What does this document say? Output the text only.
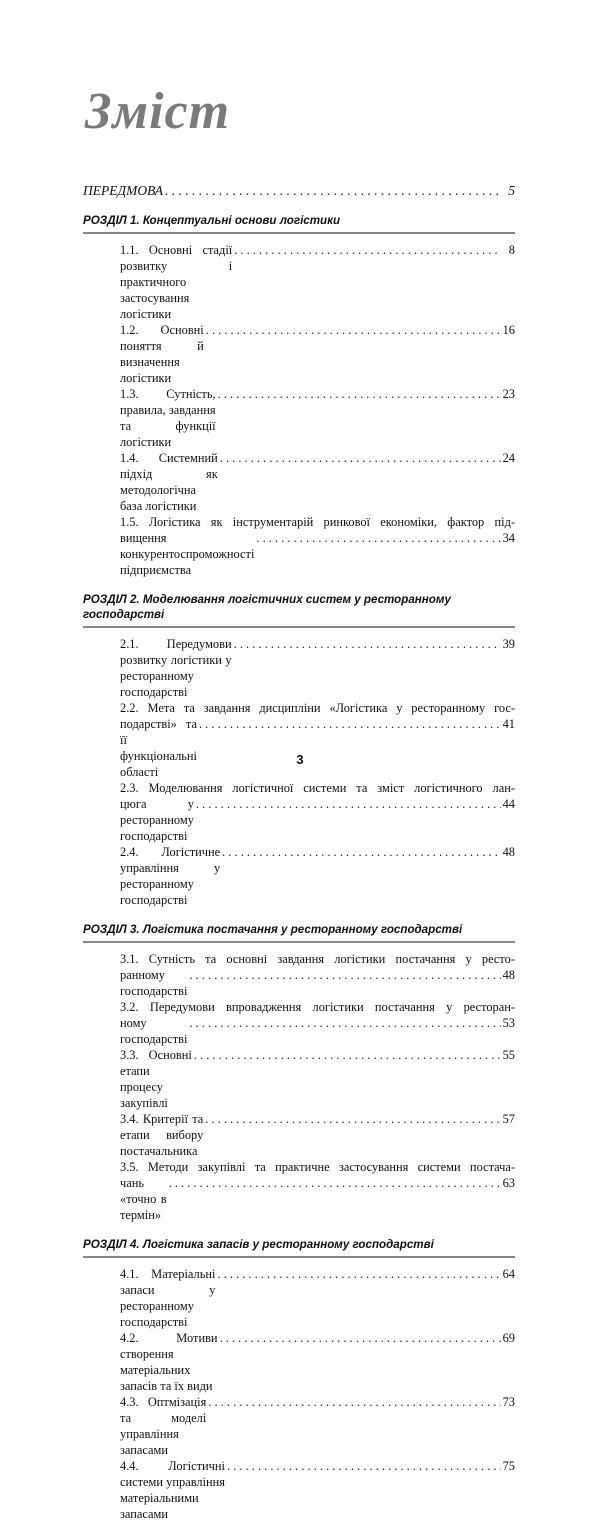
Зміст
ПЕРЕДМОВА
. . .	5
РОЗДІЛ 1. Концептуальні основи логістики
1.1. Основні стадії розвитку і практичного застосування логістики
. . .
8
1.2. Основні поняття й визначення логістики
. . .
16
1.3. Сутність, правила, завдання та функції логістики
. . .
23
1.4. Системний підхід як методологічна база логістики
. . .
24
1.5. Логістика як інструментарій ринкової економіки, фактор під-
вищення конкурентоспроможності підприємства
. . .
34
РОЗДІЛ 2. Моделювання логістичних систем у ресторанному господарстві
2.1. Передумови розвитку логістики у ресторанному господарстві
. . .
39
2.2. Мета та завдання дисципліни «Логістика у ресторанному гос-
подарстві» та її функціональні області
. . .
41
2.3. Моделювання логістичної системи та зміст логістичного лан-
цюга у ресторанному господарстві
. . .
44
2.4. Логістичне управління у ресторанному господарстві
. . .
48
РОЗДІЛ 3. Логістика постачання у ресторанному господарстві
3.1. Сутність та основні завдання логістики постачання у ресто-
ранному господарстві
. . .
48
3.2. Передумови впровадження логістики постачання у ресторан-
ному господарстві
. . .
53
3.3. Основні етапи процесу закупівлі
. . .
55
3.4. Критерії та етапи вибору постачальника
. . .
57
3.5. Методи закупівлі та практичне застосування системи постача-
чань «точно в термін»
. . .
63
РОЗДІЛ 4. Логістика запасів у ресторанному господарстві
4.1. Матеріальні запаси у ресторанному господарстві
. . .
64
4.2. Мотиви створення матеріальних запасів та їх види
. . .
69
4.3. Оптмізація та моделі управління запасами
. . .
73
4.4. Логістичні системи управління матеріальними запасами
. . .
75
3
